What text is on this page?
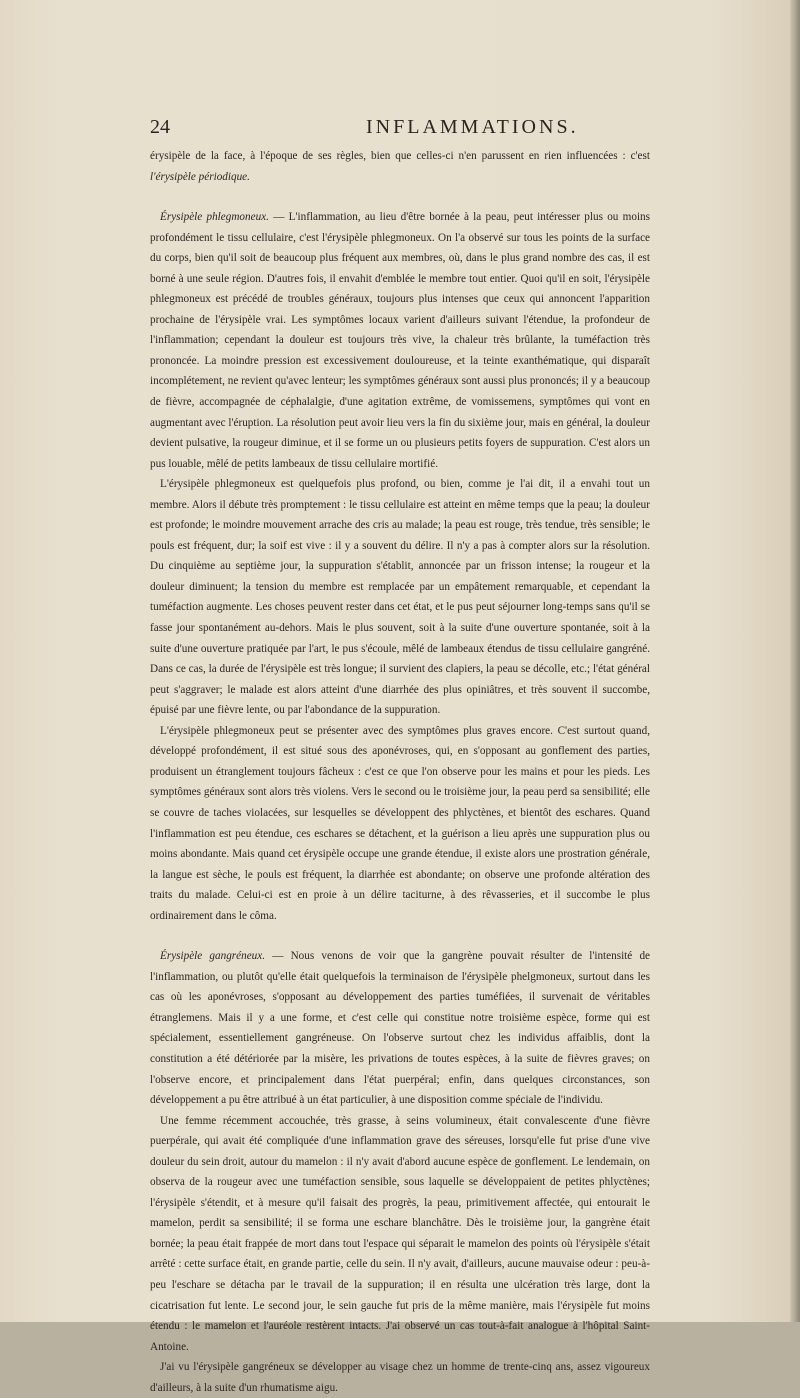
24	INFLAMMATIONS.

érysipèle de la face, à l'époque de ses règles, bien que celles-ci n'en parussent en rien influencées : c'est l'érysipèle périodique.

Érysipèle phlegmoneux. — L'inflammation, au lieu d'être bornée à la peau, peut intéresser plus ou moins profondément le tissu cellulaire, c'est l'érysipèle phlegmoneux. On l'a observé sur tous les points de la surface du corps, bien qu'il soit de beaucoup plus fréquent aux membres, où, dans le plus grand nombre des cas, il est borné à une seule région. D'autres fois, il envahit d'emblée le membre tout entier. Quoi qu'il en soit, l'érysipèle phlegmoneux est précédé de troubles généraux, toujours plus intenses que ceux qui annoncent l'apparition prochaine de l'érysipèle vrai. Les symptômes locaux varient d'ailleurs suivant l'étendue, la profondeur de l'inflammation; cependant la douleur est toujours très vive, la chaleur très brûlante, la tuméfaction très prononcée. La moindre pression est excessivement douloureuse, et la teinte exanthématique, qui disparaît incomplétement, ne revient qu'avec lenteur; les symptômes généraux sont aussi plus prononcés; il y a beaucoup de fièvre, accompagnée de céphalalgie, d'une agitation extrême, de vomissemens, symptômes qui vont en augmentant avec l'éruption. La résolution peut avoir lieu vers la fin du sixième jour, mais en général, la douleur devient pulsative, la rougeur diminue, et il se forme un ou plusieurs petits foyers de suppuration. C'est alors un pus louable, mêlé de petits lambeaux de tissu cellulaire mortifié.

L'érysipèle phlegmoneux est quelquefois plus profond, ou bien, comme je l'ai dit, il a envahi tout un membre. Alors il débute très promptement : le tissu cellulaire est atteint en même temps que la peau; la douleur est profonde; le moindre mouvement arrache des cris au malade; la peau est rouge, très tendue, très sensible; le pouls est fréquent, dur; la soif est vive : il y a souvent du délire. Il n'y a pas à compter alors sur la résolution. Du cinquième au septième jour, la suppuration s'établit, annoncée par un frisson intense; la rougeur et la douleur diminuent; la tension du membre est remplacée par un empâtement remarquable, et cependant la tuméfaction augmente. Les choses peuvent rester dans cet état, et le pus peut séjourner long-temps sans qu'il se fasse jour spontanément au-dehors. Mais le plus souvent, soit à la suite d'une ouverture spontanée, soit à la suite d'une ouverture pratiquée par l'art, le pus s'écoule, mêlé de lambeaux étendus de tissu cellulaire gangréné. Dans ce cas, la durée de l'érysipèle est très longue; il survient des clapiers, la peau se décolle, etc.; l'état général peut s'aggraver; le malade est alors atteint d'une diarrhée des plus opiniâtres, et très souvent il succombe, épuisé par une fièvre lente, ou par l'abondance de la suppuration.

L'érysipèle phlegmoneux peut se présenter avec des symptômes plus graves encore. C'est surtout quand, développé profondément, il est situé sous des aponévroses, qui, en s'opposant au gonflement des parties, produisent un étranglement toujours fâcheux : c'est ce que l'on observe pour les mains et pour les pieds. Les symptômes généraux sont alors très violens. Vers le second ou le troisième jour, la peau perd sa sensibilité; elle se couvre de taches violacées, sur lesquelles se développent des phlyctènes, et bientôt des eschares. Quand l'inflammation est peu étendue, ces eschares se détachent, et la guérison a lieu après une suppuration plus ou moins abondante. Mais quand cet érysipèle occupe une grande étendue, il existe alors une prostration générale, la langue est sèche, le pouls est fréquent, la diarrhée est abondante; on observe une profonde altération des traits du malade. Celui-ci est en proie à un délire taciturne, à des rêvasseries, et il succombe le plus ordinairement dans le côma.

Érysipèle gangréneux. — Nous venons de voir que la gangrène pouvait résulter de l'intensité de l'inflammation, ou plutôt qu'elle était quelquefois la terminaison de l'érysipèle phelgmoneux, surtout dans les cas où les aponévroses, s'opposant au développement des parties tuméfiées, il survenait de véritables étranglemens. Mais il y a une forme, et c'est celle qui constitue notre troisième espèce, forme qui est spécialement, essentiellement gangréneuse. On l'observe surtout chez les individus affaiblis, dont la constitution a été détériorée par la misère, les privations de toutes espèces, à la suite de fièvres graves; on l'observe encore, et principalement dans l'état puerpéral; enfin, dans quelques circonstances, son développement a pu être attribué à un état particulier, à une disposition comme spéciale de l'individu.

Une femme récemment accouchée, très grasse, à seins volumineux, était convalescente d'une fièvre puerpérale, qui avait été compliquée d'une inflammation grave des séreuses, lorsqu'elle fut prise d'une vive douleur du sein droit, autour du mamelon : il n'y avait d'abord aucune espèce de gonflement. Le lendemain, on observa de la rougeur avec une tuméfaction sensible, sous laquelle se développaient de petites phlyctènes; l'érysipèle s'étendit, et à mesure qu'il faisait des progrès, la peau, primitivement affectée, qui entourait le mamelon, perdit sa sensibilité; il se forma une eschare blanchâtre. Dès le troisième jour, la gangrène était bornée; la peau était frappée de mort dans tout l'espace qui séparait le mamelon des points où l'érysipèle s'était arrêté : cette surface était, en grande partie, celle du sein. Il n'y avait, d'ailleurs, aucune mauvaise odeur : peu-à-peu l'eschare se détacha par le travail de la suppuration; il en résulta une ulcération très large, dont la cicatrisation fut lente. Le second jour, le sein gauche fut pris de la même manière, mais l'érysipèle fut moins étendu : le mamelon et l'auréole restèrent intacts. J'ai observé un cas tout-à-fait analogue à l'hôpital Saint-Antoine.

J'ai vu l'érysipèle gangréneux se développer au visage chez un homme de trente-cinq ans, assez vigoureux d'ailleurs, à la suite d'un rhumatisme aigu.
